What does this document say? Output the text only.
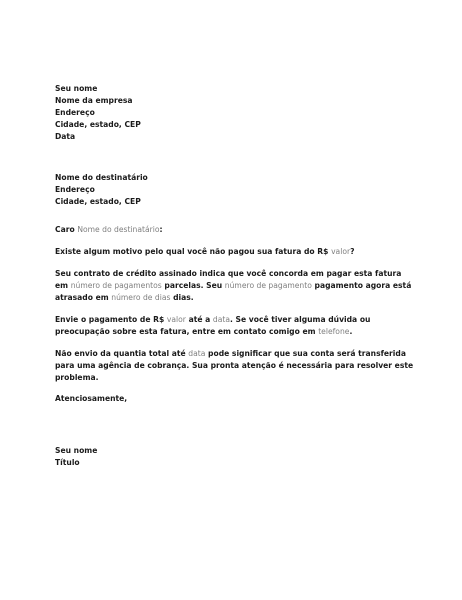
Seu nome
Nome da empresa
Endereço
Cidade, estado, CEP
Data
Nome do destinatário
Endereço
Cidade, estado, CEP
Caro Nome do destinatário:
Existe algum motivo pelo qual você não pagou sua fatura do R$ valor?
Seu contrato de crédito assinado indica que você concorda em pagar esta fatura em número de pagamentos parcelas. Seu número de pagamento pagamento agora está atrasado em número de dias dias.
Envie o pagamento de R$ valor até a data. Se você tiver alguma dúvida ou preocupação sobre esta fatura, entre em contato comigo em telefone.
Não envio da quantia total até data pode significar que sua conta será transferida para uma agência de cobrança. Sua pronta atenção é necessária para resolver este problema.
Atenciosamente,
Seu nome
Título
